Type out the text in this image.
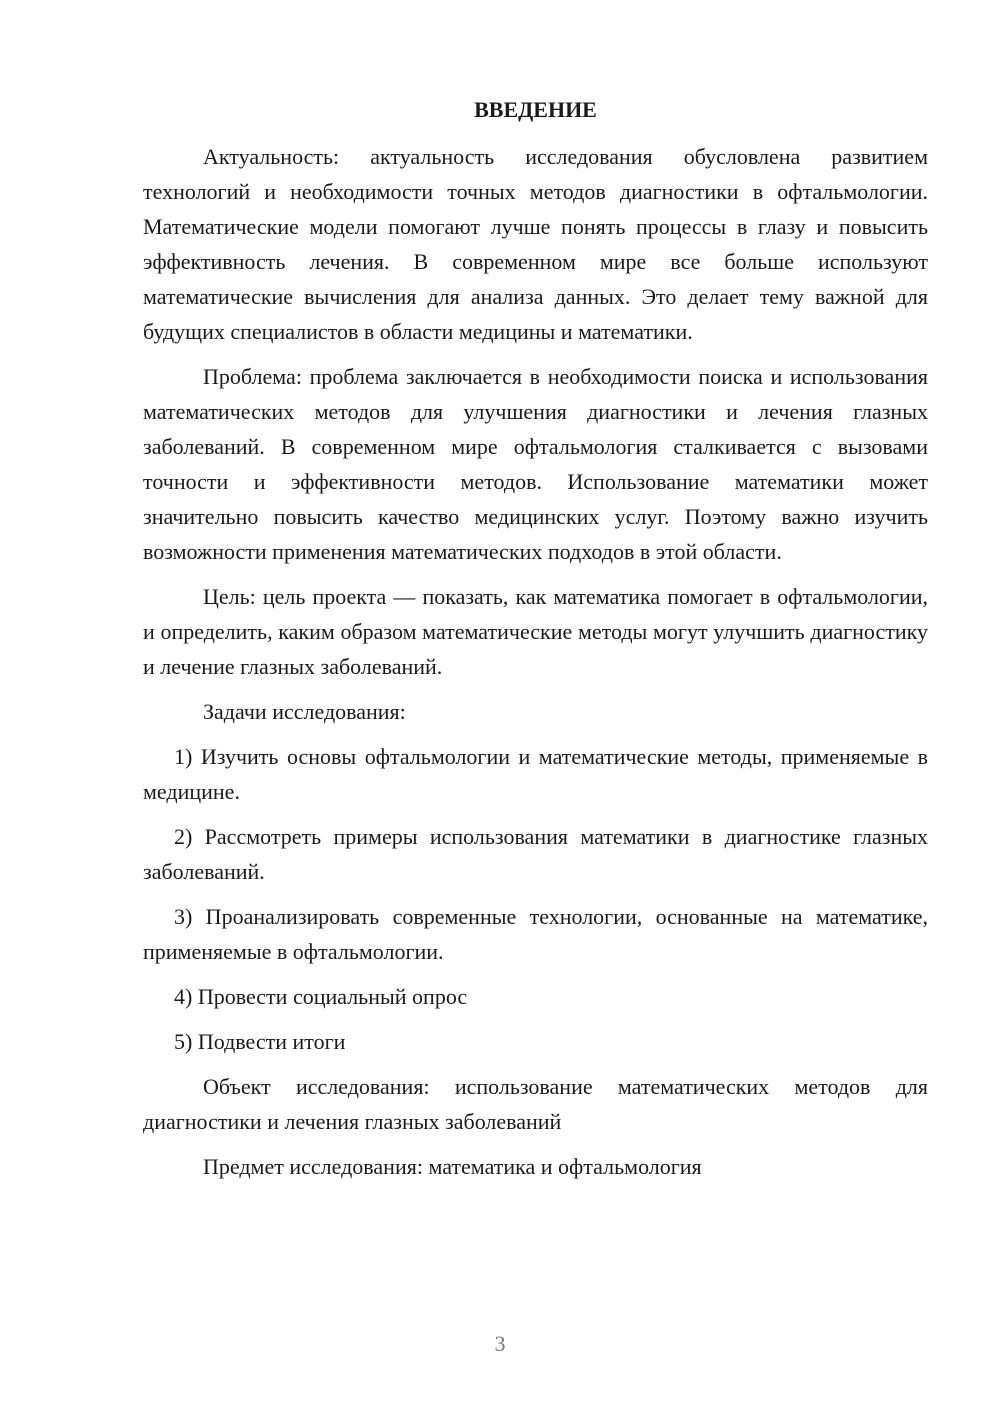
ВВЕДЕНИЕ

Актуальность: актуальность исследования обусловлена развитием технологий и необходимости точных методов диагностики в офтальмологии. Математические модели помогают лучше понять процессы в глазу и повысить эффективность лечения. В современном мире все больше используют математические вычисления для анализа данных. Это делает тему важной для будущих специалистов в области медицины и математики.

Проблема: проблема заключается в необходимости поиска и использования математических методов для улучшения диагностики и лечения глазных заболеваний. В современном мире офтальмология сталкивается с вызовами точности и эффективности методов. Использование математики может значительно повысить качество медицинских услуг. Поэтому важно изучить возможности применения математических подходов в этой области.

Цель: цель проекта — показать, как математика помогает в офтальмологии, и определить, каким образом математические методы могут улучшить диагностику и лечение глазных заболеваний.

Задачи исследования:

1) Изучить основы офтальмологии и математические методы, применяемые в медицине.

2) Рассмотреть примеры использования математики в диагностике глазных заболеваний.

3) Проанализировать современные технологии, основанные на математике, применяемые в офтальмологии.

4) Провести социальный опрос

5) Подвести итоги

Объект исследования: использование математических методов для диагностики и лечения глазных заболеваний

Предмет исследования: математика и офтальмология

3
